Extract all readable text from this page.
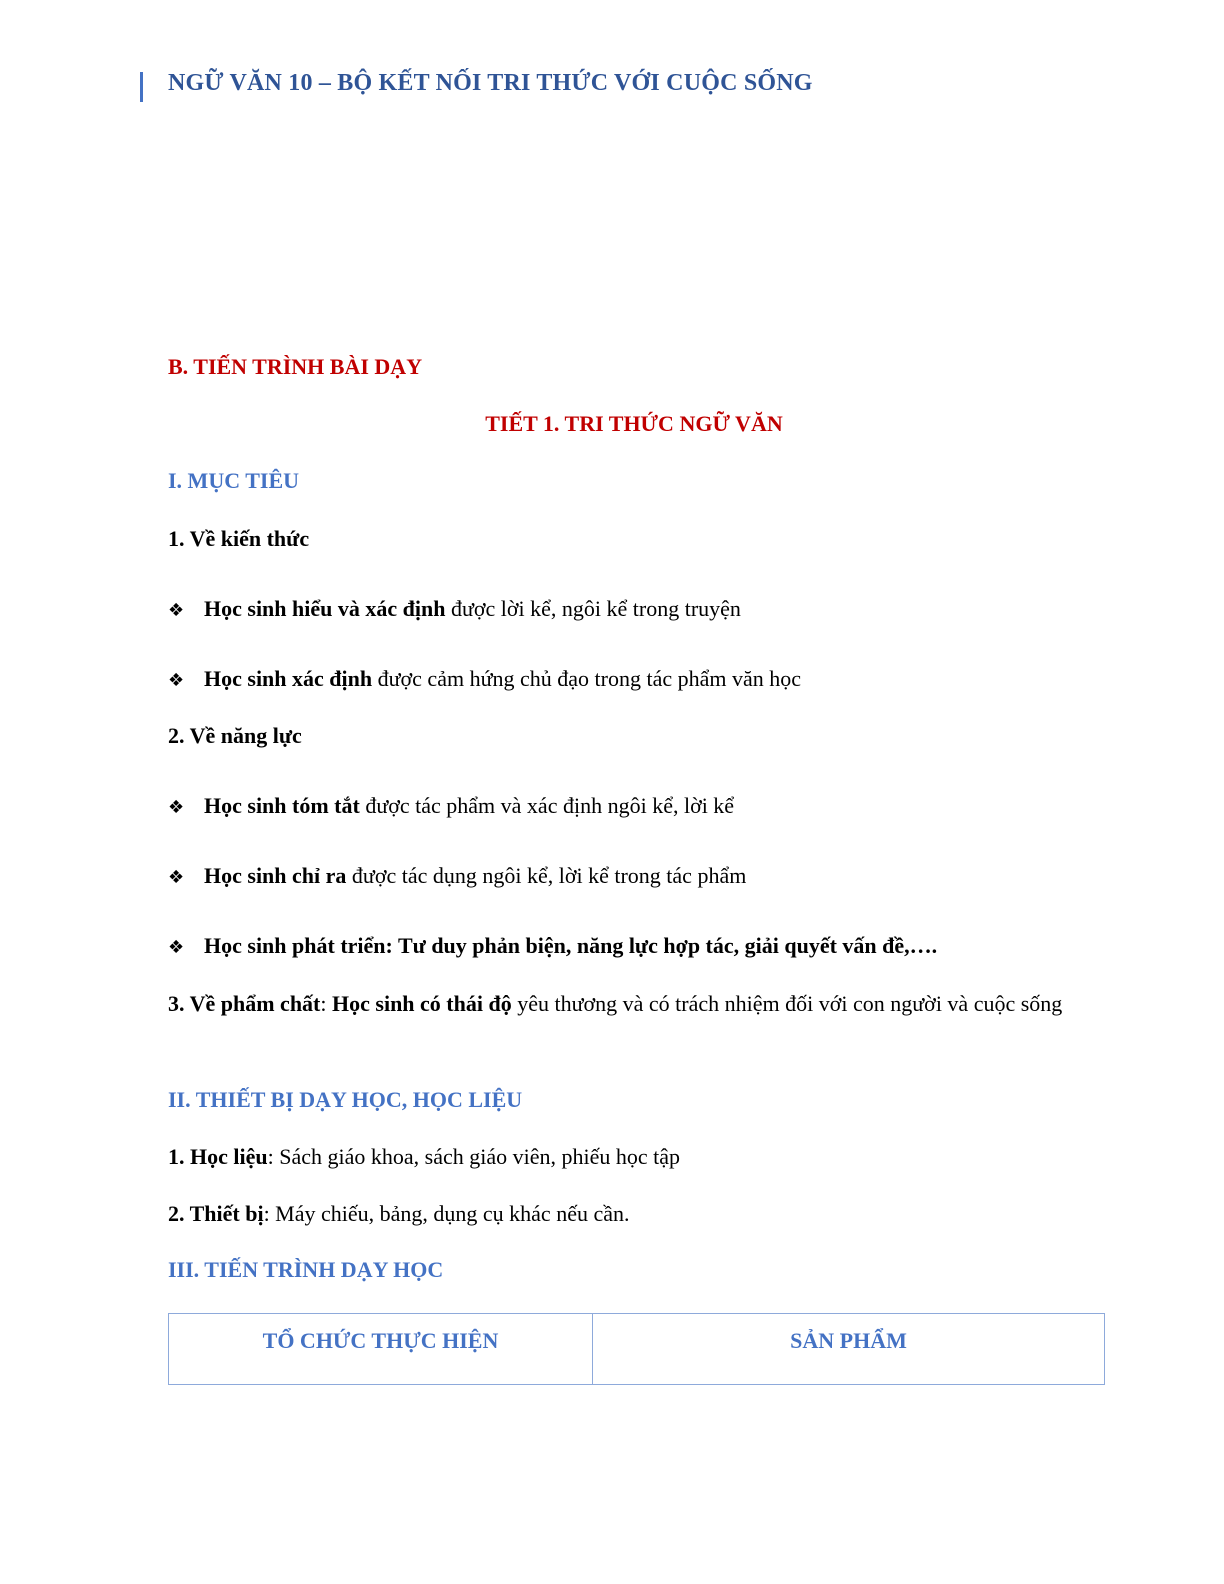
NGỮ VĂN 10 – BỘ KẾT NỐI TRI THỨC VỚI CUỘC SỐNG
B. TIẾN TRÌNH BÀI DẠY
TIẾT 1. TRI THỨC NGỮ VĂN
I. MỤC TIÊU
1. Về kiến thức
❖ Học sinh hiểu và xác định được lời kể, ngôi kể trong truyện
❖ Học sinh xác định được cảm hứng chủ đạo trong tác phẩm văn học
2. Về năng lực
❖ Học sinh tóm tắt được tác phẩm và xác định ngôi kể, lời kể
❖ Học sinh chỉ ra được tác dụng ngôi kể, lời kể trong tác phẩm
❖ Học sinh phát triển: Tư duy phản biện, năng lực hợp tác, giải quyết vấn đề,….
3. Về phẩm chất: Học sinh có thái độ yêu thương và có trách nhiệm đối với con người và cuộc sống
II. THIẾT BỊ DẠY HỌC, HỌC LIỆU
1. Học liệu: Sách giáo khoa, sách giáo viên, phiếu học tập
2. Thiết bị: Máy chiếu, bảng, dụng cụ khác nếu cần.
III. TIẾN TRÌNH DẠY HỌC
TỔ CHỨC THỰC HIỆN	SẢN PHẨM
